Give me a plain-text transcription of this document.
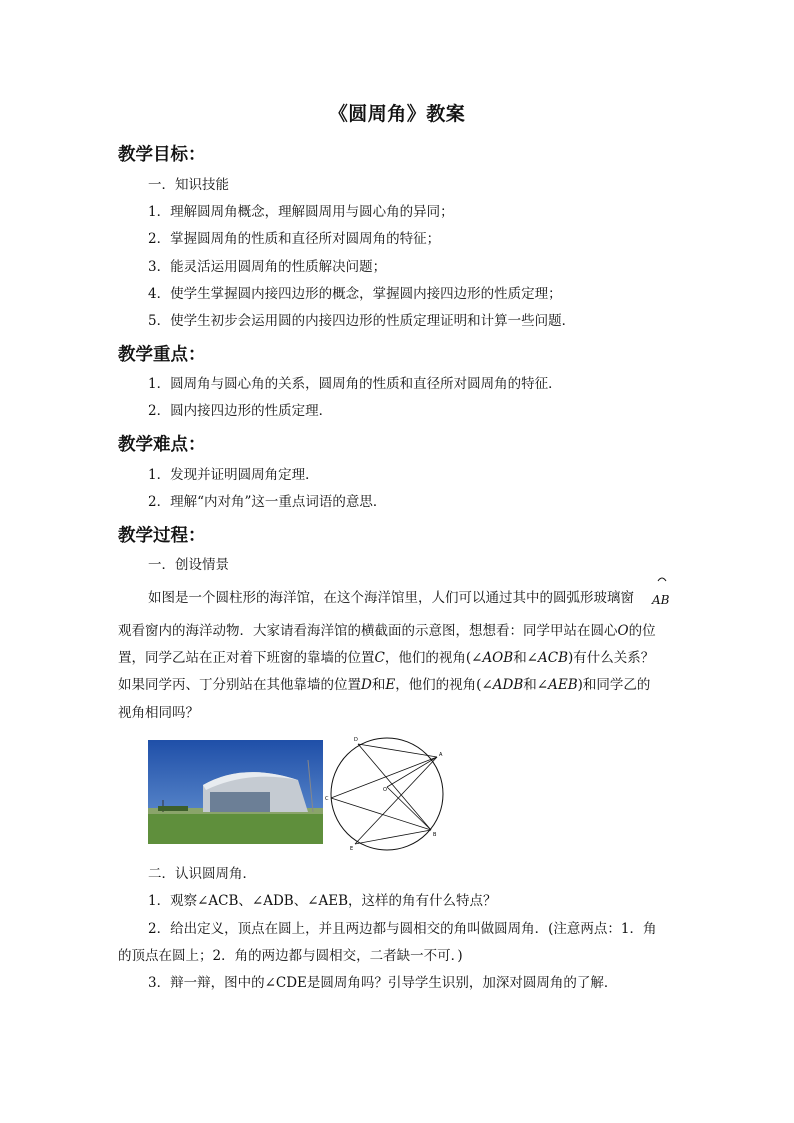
《圆周角》教案
教学目标：
一．知识技能
1．理解圆周角概念，理解圆周用与圆心角的异同；
2．掌握圆周角的性质和直径所对圆周角的特征；
3．能灵活运用圆周角的性质解决问题；
4．使学生掌握圆内接四边形的概念，掌握圆内接四边形的性质定理；
5．使学生初步会运用圆的内接四边形的性质定理证明和计算一些问题．
教学重点：
1．圆周角与圆心角的关系，圆周角的性质和直径所对圆周角的特征．
2．圆内接四边形的性质定理．
教学难点：
1．发现并证明圆周角定理．
2．理解“内对角”这一重点词语的意思．
教学过程：
一．创设情景
如图是一个圆柱形的海洋馆，在这个海洋馆里，人们可以通过其中的圆弧形玻璃窗 AB
观看窗内的海洋动物．大家请看海洋馆的横截面的示意图，想想看：同学甲站在圆心O的位
置，同学乙站在正对着下班窗的靠墙的位置C，他们的视角(∠AOB和∠ACB)有什么关系？
如果同学丙、丁分别站在其他靠墙的位置D和E，他们的视角(∠ADB和∠AEB)和同学乙的
视角相同吗？
A
B
C
D
E
O
二．认识圆周角．
1．观察∠ACB、∠ADB、∠AEB，这样的角有什么特点？
2．给出定义，顶点在圆上，并且两边都与圆相交的角叫做圆周角．(注意两点：1．角
的顶点在圆上；2．角的两边都与圆相交，二者缺一不可．)
3．辩一辩，图中的∠CDE是圆周角吗？引导学生识别，加深对圆周角的了解．
